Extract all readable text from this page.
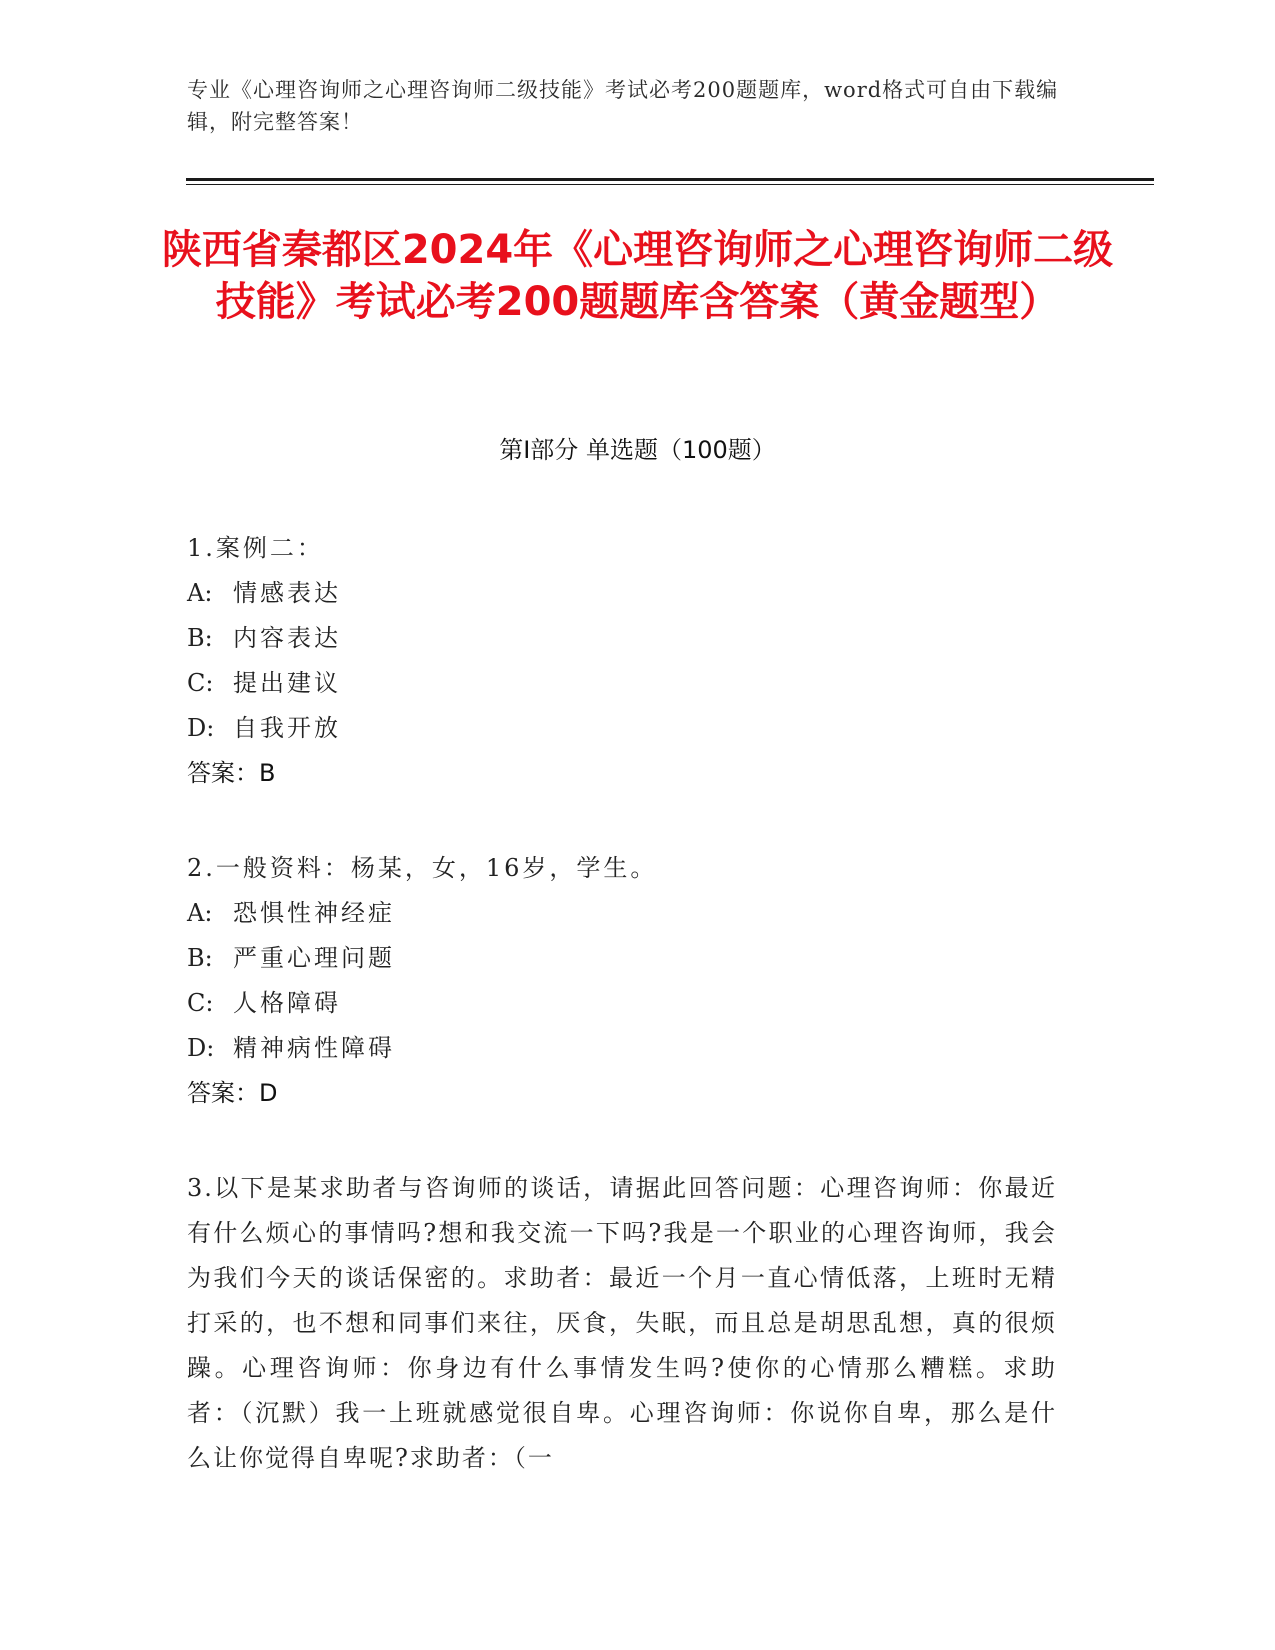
专业《心理咨询师之心理咨询师二级技能》考试必考200题题库，word格式可自由下载编辑，附完整答案！
陕西省秦都区2024年《心理咨询师之心理咨询师二级技能》考试必考200题题库含答案（黄金题型）
第I部分 单选题（100题）
1.案例二：
A: 情感表达
B: 内容表达
C: 提出建议
D: 自我开放
答案：B
2.一般资料：杨某，女，16岁，学生。
A: 恐惧性神经症
B: 严重心理问题
C: 人格障碍
D: 精神病性障碍
答案：D
3.以下是某求助者与咨询师的谈话，请据此回答问题：心理咨询师：你最近有什么烦心的事情吗?想和我交流一下吗?我是一个职业的心理咨询师，我会为我们今天的谈话保密的。求助者：最近一个月一直心情低落，上班时无精打采的，也不想和同事们来往，厌食，失眠，而且总是胡思乱想，真的很烦躁。心理咨询师：你身边有什么事情发生吗?使你的心情那么糟糕。求助者：（沉默）我一上班就感觉很自卑。心理咨询师：你说你自卑，那么是什么让你觉得自卑呢?求助者：（一
